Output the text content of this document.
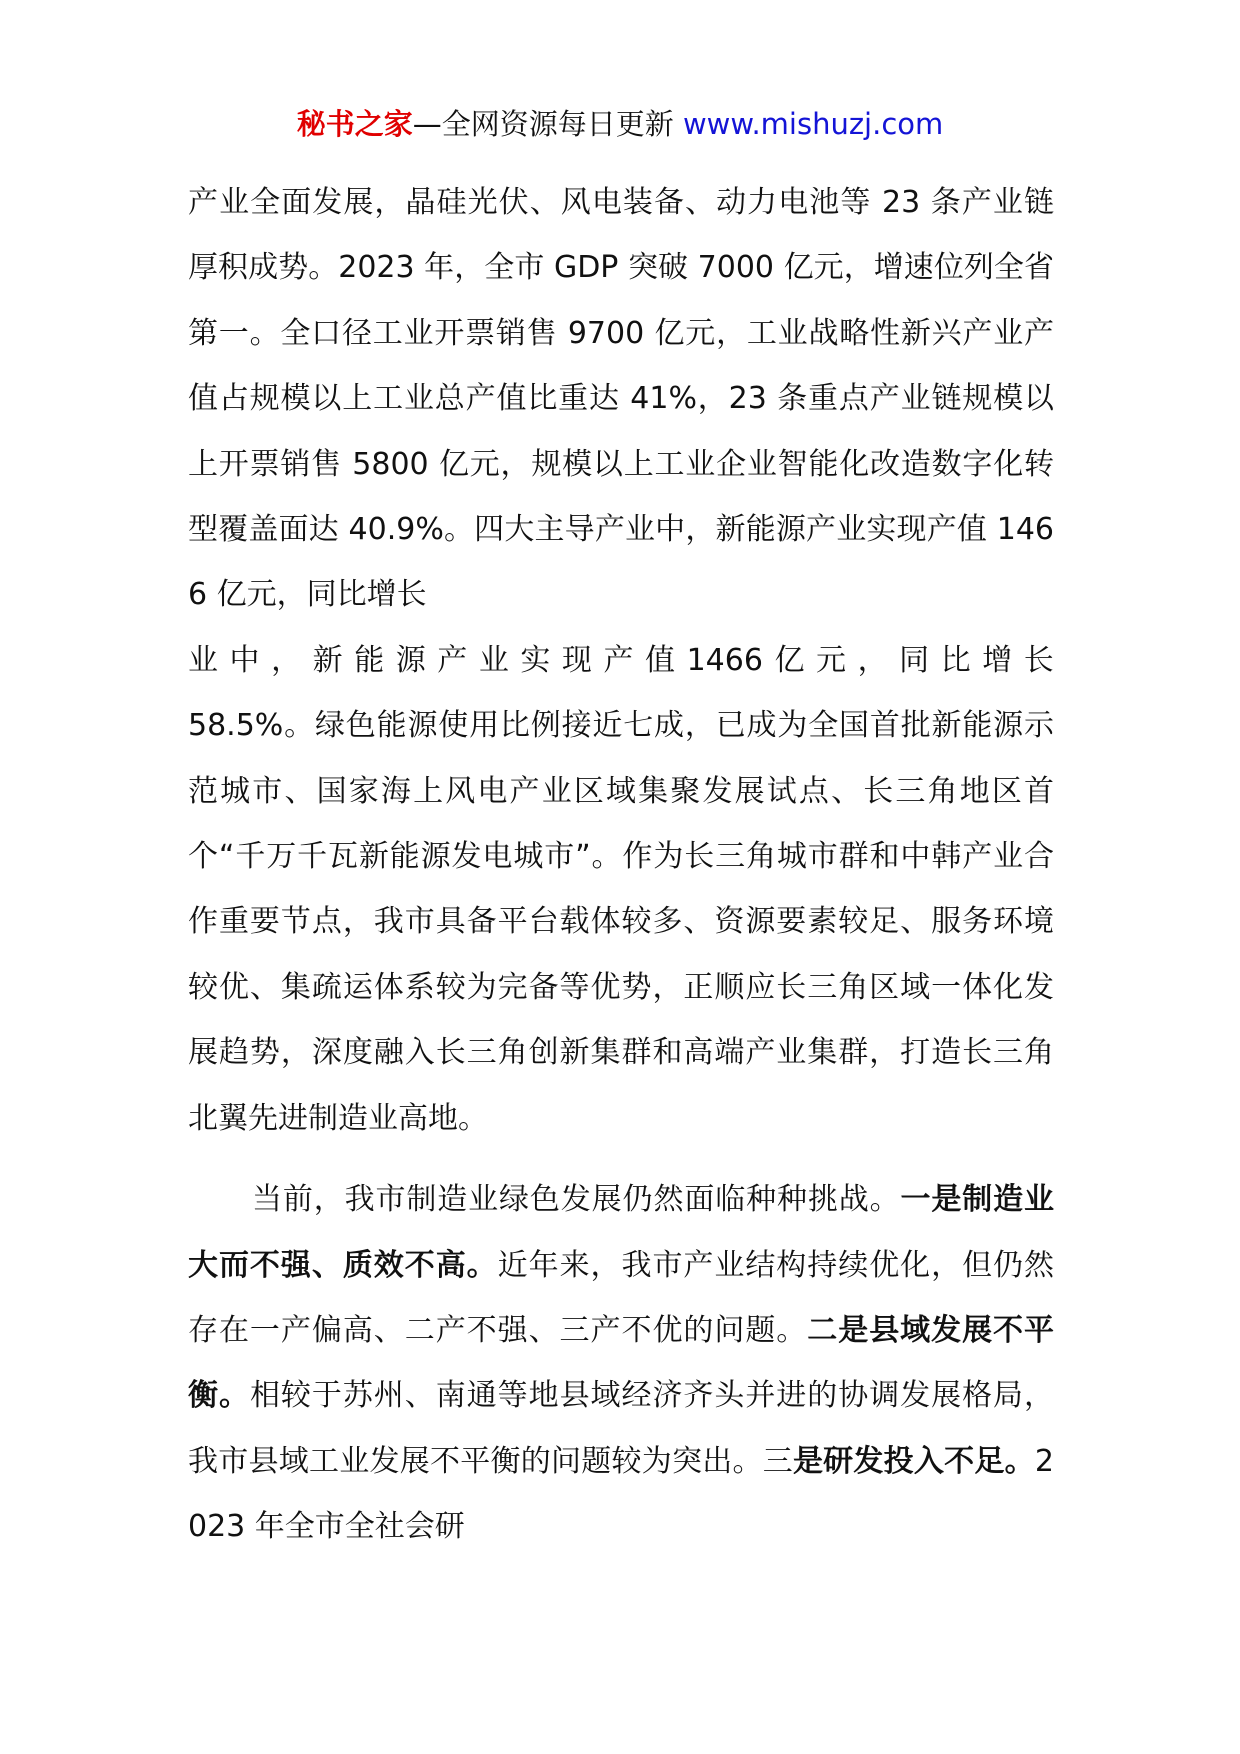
秘书之家—全网资源每日更新 www.mishuzj.com

产业全面发展，晶硅光伏、风电装备、动力电池等 23 条产业链厚积成势。2023 年，全市 GDP 突破 7000 亿元，增速位列全省第一。全口径工业开票销售 9700 亿元，工业战略性新兴产业产值占规模以上工业总产值比重达 41%，23 条重点产业链规模以上开票销售 5800 亿元，规模以上工业企业智能化改造数字化转型覆盖面达 40.9%。四大主导产业中，新能源产业实现产值 1466 亿元，同比增长
业 中 ， 新 能 源 产 业 实 现 产 值 1466 亿 元 ， 同 比 增 长
58.5%。绿色能源使用比例接近七成，已成为全国首批新能源示范城市、国家海上风电产业区域集聚发展试点、长三角地区首个“千万千瓦新能源发电城市”。作为长三角城市群和中韩产业合作重要节点，我市具备平台载体较多、资源要素较足、服务环境较优、集疏运体系较为完备等优势，正顺应长三角区域一体化发展趋势，深度融入长三角创新集群和高端产业集群，打造长三角北翼先进制造业高地。

当前，我市制造业绿色发展仍然面临种种挑战。一是制造业大而不强、质效不高。近年来，我市产业结构持续优化，但仍然存在一产偏高、二产不强、三产不优的问题。二是县域发展不平衡。相较于苏州、南通等地县域经济齐头并进的协调发展格局，我市县域工业发展不平衡的问题较为突出。三是研发投入不足。2023 年全市全社会研
